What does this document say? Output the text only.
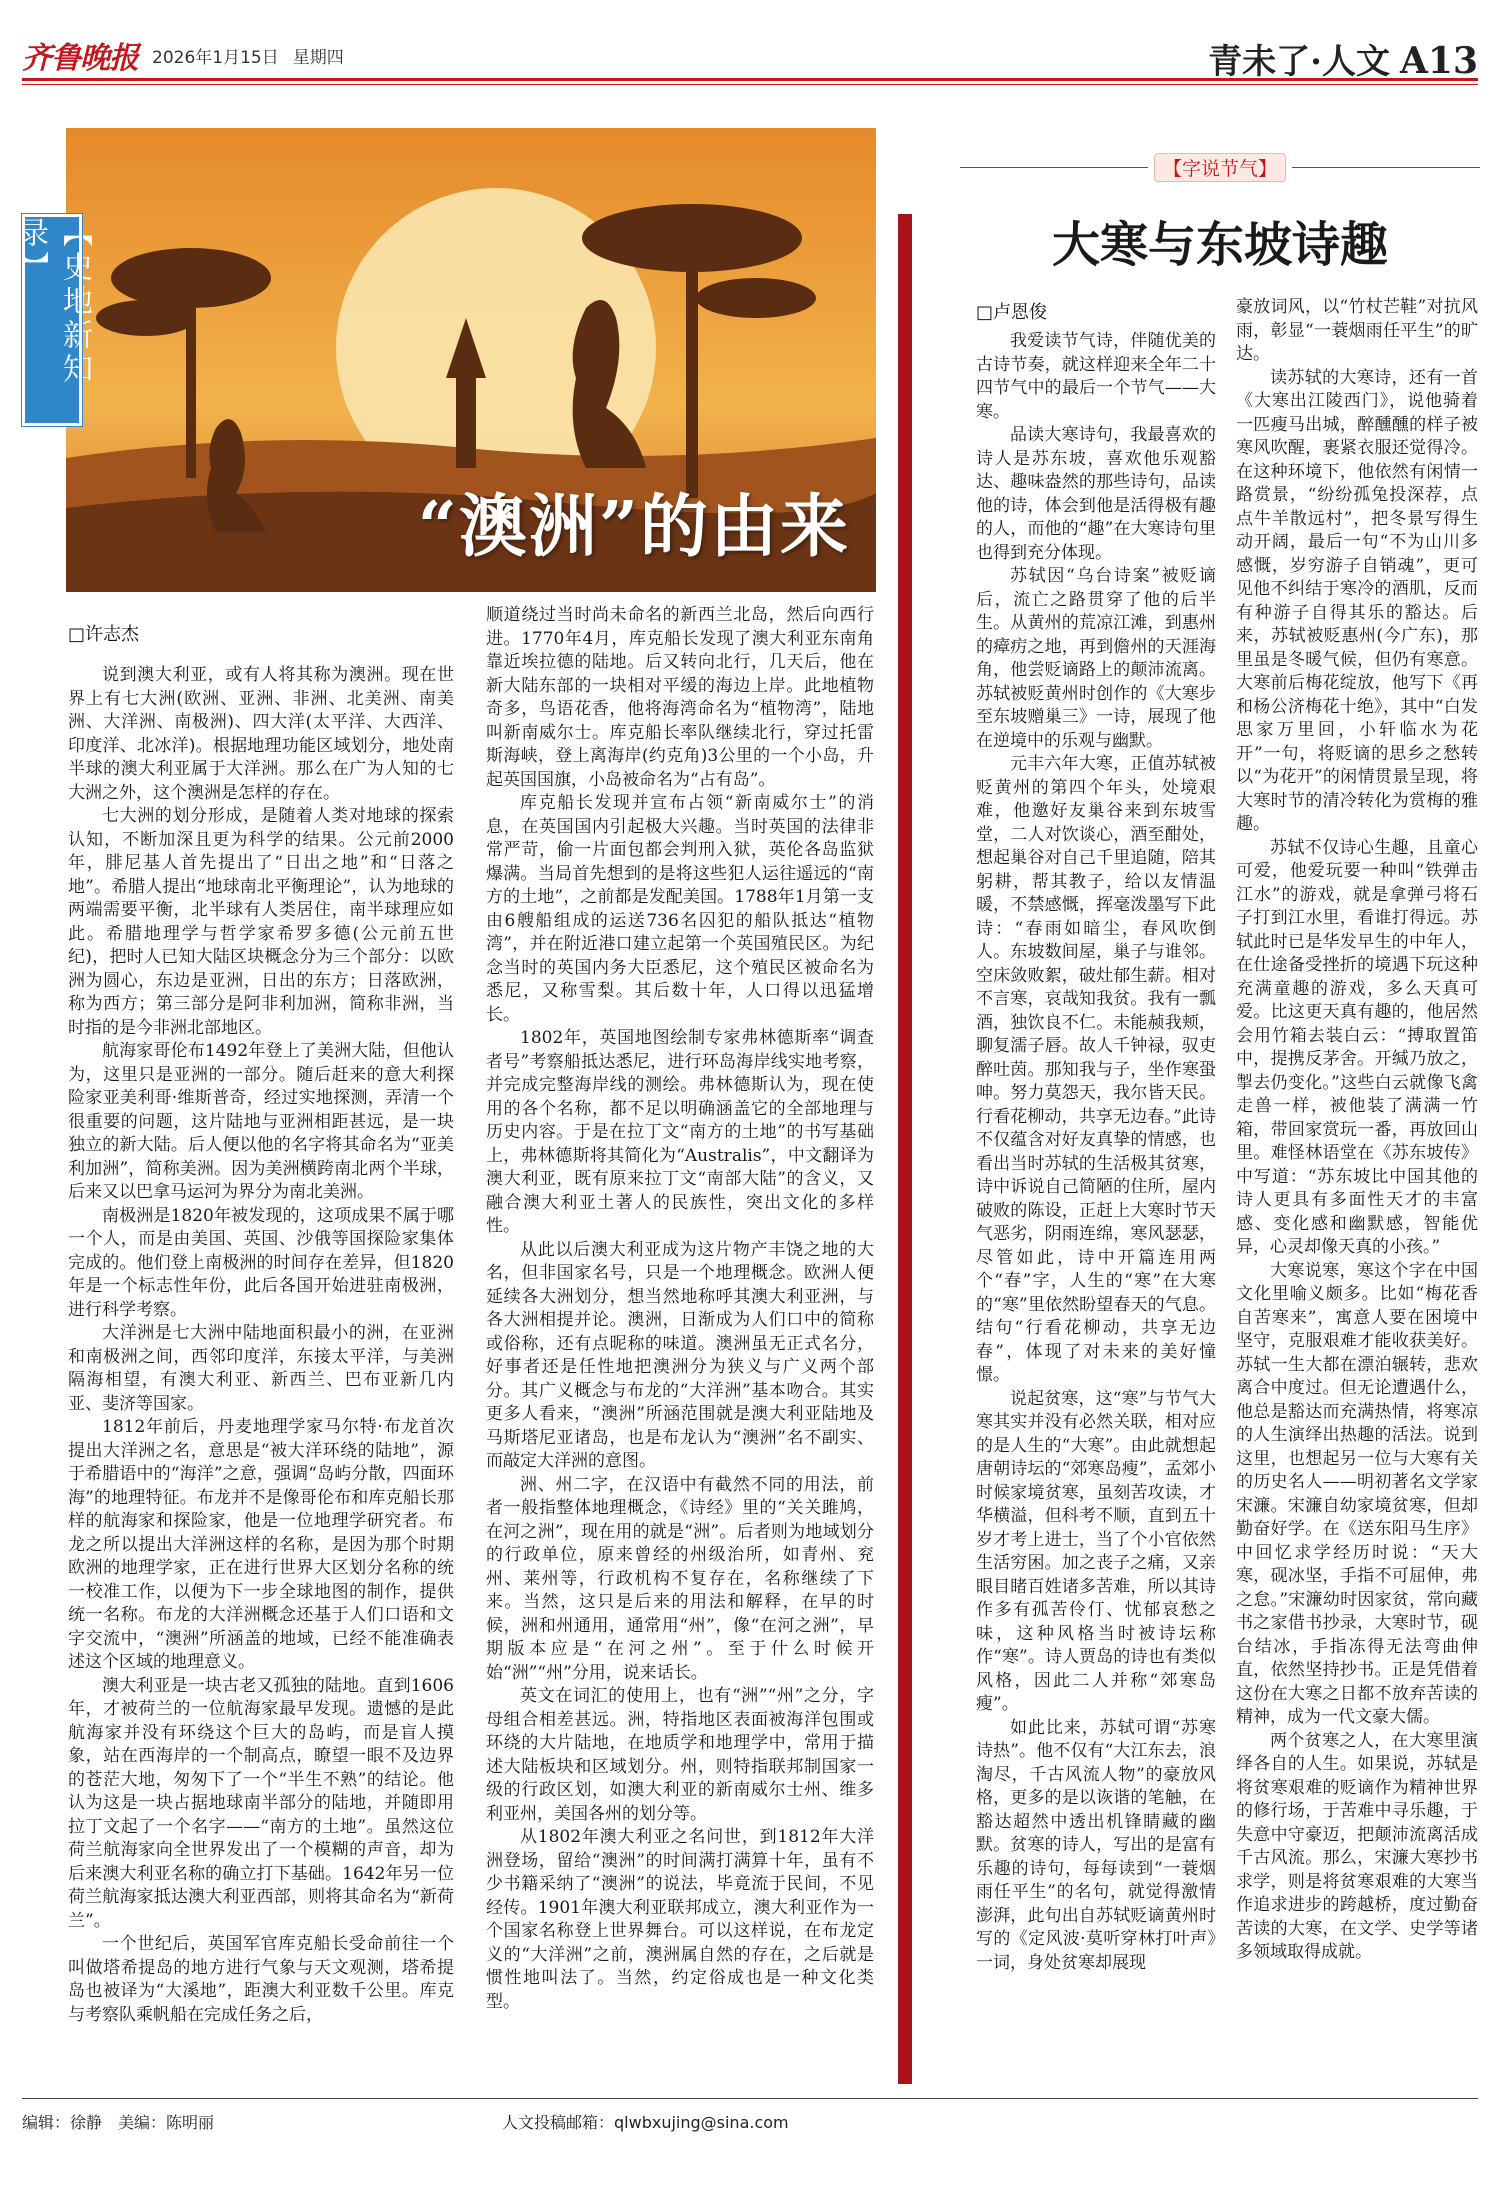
齐鲁晚报 2026年1月15日 星期四	青未了·人文 A13
“澳洲”的由来
【史地新知录】
□许志杰

说到澳大利亚，或有人将其称为澳洲。现在世界上有七大洲(欧洲、亚洲、非洲、北美洲、南美洲、大洋洲、南极洲)、四大洋(太平洋、大西洋、印度洋、北冰洋)。根据地理功能区域划分，地处南半球的澳大利亚属于大洋洲。那么在广为人知的七大洲之外，这个澳洲是怎样的存在。

七大洲的划分形成，是随着人类对地球的探索认知，不断加深且更为科学的结果。公元前2000年，腓尼基人首先提出了“日出之地”和“日落之地”。希腊人提出“地球南北平衡理论”，认为地球的两端需要平衡，北半球有人类居住，南半球理应如此。希腊地理学与哲学家希罗多德(公元前五世纪)，把时人已知大陆区块概念分为三个部分：以欧洲为圆心，东边是亚洲，日出的东方；日落欧洲，称为西方；第三部分是阿非利加洲，简称非洲，当时指的是今非洲北部地区。

航海家哥伦布1492年登上了美洲大陆，但他认为，这里只是亚洲的一部分。随后赶来的意大利探险家亚美利哥·维斯普奇，经过实地探测，弄清一个很重要的问题，这片陆地与亚洲相距甚远，是一块独立的新大陆。后人便以他的名字将其命名为“亚美利加洲”，简称美洲。因为美洲横跨南北两个半球，后来又以巴拿马运河为界分为南北美洲。

南极洲是1820年被发现的，这项成果不属于哪一个人，而是由美国、英国、沙俄等国探险家集体完成的。他们登上南极洲的时间存在差异，但1820年是一个标志性年份，此后各国开始进驻南极洲，进行科学考察。

大洋洲是七大洲中陆地面积最小的洲，在亚洲和南极洲之间，西邻印度洋，东接太平洋，与美洲隔海相望，有澳大利亚、新西兰、巴布亚新几内亚、斐济等国家。

1812年前后，丹麦地理学家马尔特·布龙首次提出大洋洲之名，意思是“被大洋环绕的陆地”，源于希腊语中的“海洋”之意，强调“岛屿分散，四面环海”的地理特征。布龙并不是像哥伦布和库克船长那样的航海家和探险家，他是一位地理学研究者。布龙之所以提出大洋洲这样的名称，是因为那个时期欧洲的地理学家，正在进行世界大区划分名称的统一校准工作，以便为下一步全球地图的制作，提供统一名称。布龙的大洋洲概念还基于人们口语和文字交流中，“澳洲”所涵盖的地域，已经不能准确表述这个区域的地理意义。

澳大利亚是一块古老又孤独的陆地。直到1606年，才被荷兰的一位航海家最早发现。遗憾的是此航海家并没有环绕这个巨大的岛屿，而是盲人摸象，站在西海岸的一个制高点，瞭望一眼不及边界的苍茫大地，匆匆下了一个“半生不熟”的结论。他认为这是一块占据地球南半部分的陆地，并随即用拉丁文起了一个名字——“南方的土地”。虽然这位荷兰航海家向全世界发出了一个模糊的声音，却为后来澳大利亚名称的确立打下基础。1642年另一位荷兰航海家抵达澳大利亚西部，则将其命名为“新荷兰”。

一个世纪后，英国军官库克船长受命前往一个叫做塔希提岛的地方进行气象与天文观测，塔希提岛也被译为“大溪地”，距澳大利亚数千公里。库克与考察队乘帆船在完成任务之后，

顺道绕过当时尚未命名的新西兰北岛，然后向西行进。1770年4月，库克船长发现了澳大利亚东南角靠近埃拉德的陆地。后又转向北行，几天后，他在新大陆东部的一块相对平缓的海边上岸。此地植物奇多，鸟语花香，他将海湾命名为“植物湾”，陆地叫新南威尔士。库克船长率队继续北行，穿过托雷斯海峡，登上离海岸(约克角)3公里的一个小岛，升起英国国旗，小岛被命名为“占有岛”。

库克船长发现并宣布占领“新南威尔士”的消息，在英国国内引起极大兴趣。当时英国的法律非常严苛，偷一片面包都会判刑入狱，英伦各岛监狱爆满。当局首先想到的是将这些犯人运往遥远的“南方的土地”，之前都是发配美国。1788年1月第一支由6艘船组成的运送736名囚犯的船队抵达“植物湾”，并在附近港口建立起第一个英国殖民区。为纪念当时的英国内务大臣悉尼，这个殖民区被命名为悉尼，又称雪梨。其后数十年，人口得以迅猛增长。

1802年，英国地图绘制专家弗林德斯率“调查者号”考察船抵达悉尼，进行环岛海岸线实地考察，并完成完整海岸线的测绘。弗林德斯认为，现在使用的各个名称，都不足以明确涵盖它的全部地理与历史内容。于是在拉丁文“南方的土地”的书写基础上，弗林德斯将其简化为“Australis”，中文翻译为澳大利亚，既有原来拉丁文“南部大陆”的含义，又融合澳大利亚土著人的民族性，突出文化的多样性。

从此以后澳大利亚成为这片物产丰饶之地的大名，但非国家名号，只是一个地理概念。欧洲人便延续各大洲划分，想当然地称呼其澳大利亚洲，与各大洲相提并论。澳洲，日渐成为人们口中的简称或俗称，还有点昵称的味道。澳洲虽无正式名分，好事者还是任性地把澳洲分为狭义与广义两个部分。其广义概念与布龙的“大洋洲”基本吻合。其实更多人看来，“澳洲”所涵范围就是澳大利亚陆地及马斯塔尼亚诸岛，也是布龙认为“澳洲”名不副实、而敲定大洋洲的意图。

洲、州二字，在汉语中有截然不同的用法，前者一般指整体地理概念，《诗经》里的“关关雎鸠，在河之洲”，现在用的就是“洲”。后者则为地域划分的行政单位，原来曾经的州级治所，如青州、兖州、莱州等，行政机构不复存在，名称继续了下来。当然，这只是后来的用法和解释，在早的时候，洲和州通用，通常用“州”，像“在河之洲”，早期版本应是“在河之州”。至于什么时候开始“洲”“州”分用，说来话长。

英文在词汇的使用上，也有“洲”“州”之分，字母组合相差甚远。洲，特指地区表面被海洋包围或环绕的大片陆地，在地质学和地理学中，常用于描述大陆板块和区域划分。州，则特指联邦制国家一级的行政区划，如澳大利亚的新南威尔士州、维多利亚州，美国各州的划分等。

从1802年澳大利亚之名问世，到1812年大洋洲登场，留给“澳洲”的时间满打满算十年，虽有不少书籍采纳了“澳洲”的说法，毕竟流于民间，不见经传。1901年澳大利亚联邦成立，澳大利亚作为一个国家名称登上世界舞台。可以这样说，在布龙定义的“大洋洲”之前，澳洲属自然的存在，之后就是惯性地叫法了。当然，约定俗成也是一种文化类型。

【字说节气】
大寒与东坡诗趣
□卢恩俊

我爱读节气诗，伴随优美的古诗节奏，就这样迎来全年二十四节气中的最后一个节气——大寒。

品读大寒诗句，我最喜欢的诗人是苏东坡，喜欢他乐观豁达、趣味盎然的那些诗句，品读他的诗，体会到他是活得极有趣的人，而他的“趣”在大寒诗句里也得到充分体现。

苏轼因“乌台诗案”被贬谪后，流亡之路贯穿了他的后半生。从黄州的荒凉江滩，到惠州的瘴疠之地，再到儋州的天涯海角，他尝贬谪路上的颠沛流离。苏轼被贬黄州时创作的《大寒步至东坡赠巢三》一诗，展现了他在逆境中的乐观与幽默。

元丰六年大寒，正值苏轼被贬黄州的第四个年头，处境艰难，他邀好友巢谷来到东坡雪堂，二人对饮谈心，酒至酣处，想起巢谷对自己千里追随，陪其躬耕，帮其教子，给以友情温暖，不禁感慨，挥毫泼墨写下此诗：“春雨如暗尘，春风吹倒人。东坡数间屋，巢子与谁邻。空床敛败絮，破灶郁生薪。相对不言寒，哀哉知我贫。我有一瓢酒，独饮良不仁。未能赪我颊，聊复濡子唇。故人千钟禄，驭吏醉吐茵。那知我与子，坐作寒蛩呻。努力莫怨天，我尔皆天民。行看花柳动，共享无边春。”此诗不仅蕴含对好友真挚的情感，也看出当时苏轼的生活极其贫寒，诗中诉说自己简陋的住所，屋内破败的陈设，正赶上大寒时节天气恶劣，阴雨连绵，寒风瑟瑟，尽管如此，诗中开篇连用两个“春”字，人生的“寒”在大寒的“寒”里依然盼望春天的气息。结句“行看花柳动，共享无边春”，体现了对未来的美好憧憬。

说起贫寒，这“寒”与节气大寒其实并没有必然关联，相对应的是人生的“大寒”。由此就想起唐朝诗坛的“郊寒岛瘦”，孟郊小时候家境贫寒，虽刻苦攻读，才华横溢，但科考不顺，直到五十岁才考上进士，当了个小官依然生活穷困。加之丧子之痛，又亲眼目睹百姓诸多苦难，所以其诗作多有孤苦伶仃、忧郁哀愁之味，这种风格当时被诗坛称作“寒”。诗人贾岛的诗也有类似风格，因此二人并称“郊寒岛瘦”。

如此比来，苏轼可谓“苏寒诗热”。他不仅有“大江东去，浪淘尽，千古风流人物”的豪放风格，更多的是以诙谐的笔触，在豁达超然中透出机锋睛藏的幽默。贫寒的诗人，写出的是富有乐趣的诗句，每每读到“一蓑烟雨任平生”的名句，就觉得激情澎湃，此句出自苏轼贬谪黄州时写的《定风波·莫听穿林打叶声》一词，身处贫寒却展现

豪放词风，以“竹杖芒鞋”对抗风雨，彰显“一蓑烟雨任平生”的旷达。

读苏轼的大寒诗，还有一首《大寒出江陵西门》，说他骑着一匹瘦马出城，醉醺醺的样子被寒风吹醒，裹紧衣服还觉得冷。在这种环境下，他依然有闲情一路赏景，“纷纷孤兔投深荐，点点牛羊散远村”，把冬景写得生动开阔，最后一句“不为山川多感慨，岁穷游子自销魂”，更可见他不纠结于寒冷的酒肌，反而有种游子自得其乐的豁达。后来，苏轼被贬惠州(今广东)，那里虽是冬暖气候，但仍有寒意。大寒前后梅花绽放，他写下《再和杨公济梅花十绝》，其中“白发思家万里回，小轩临水为花开”一句，将贬谪的思乡之愁转以“为花开”的闲情贯景呈现，将大寒时节的清冷转化为赏梅的雅趣。

苏轼不仅诗心生趣，且童心可爱，他爱玩要一种叫“铁弹击江水”的游戏，就是拿弹弓将石子打到江水里，看谁打得远。苏轼此时已是华发早生的中年人，在仕途备受挫折的境遇下玩这种充满童趣的游戏，多么天真可爱。比这更天真有趣的，他居然会用竹箱去装白云：“搏取置笛中，提携反茅舍。开缄乃放之，掣去仍变化。”这些白云就像飞禽走兽一样，被他装了满满一竹箱，带回家赏玩一番，再放回山里。难怪林语堂在《苏东坡传》中写道：“苏东坡比中国其他的诗人更具有多面性天才的丰富感、变化感和幽默感，智能优异，心灵却像天真的小孩。”

大寒说寒，寒这个字在中国文化里喻义颇多。比如“梅花香自苦寒来”，寓意人要在困境中坚守，克服艰难才能收获美好。苏轼一生大都在漂泊辗转，悲欢离合中度过。但无论遭遇什么，他总是豁达而充满热情，将寒凉的人生演绎出热趣的活法。说到这里，也想起另一位与大寒有关的历史名人——明初著名文学家宋濂。宋濂自幼家境贫寒，但却勤奋好学。在《送东阳马生序》中回忆求学经历时说：“天大寒，砚冰坚，手指不可屈伸，弗之怠。”宋濂幼时因家贫，常向藏书之家借书抄录，大寒时节，砚台结冰，手指冻得无法弯曲伸直，依然坚持抄书。正是凭借着这份在大寒之日都不放弃苦读的精神，成为一代文豪大儒。

两个贫寒之人，在大寒里演绎各自的人生。如果说，苏轼是将贫寒艰难的贬谪作为精神世界的修行场，于苦难中寻乐趣，于失意中守豪迈，把颠沛流离活成千古风流。那么，宋濂大寒抄书求学，则是将贫寒艰难的大寒当作追求进步的跨越桥，度过勤奋苦读的大寒，在文学、史学等诸多领域取得成就。

编辑：徐静　美编：陈明丽	人文投稿邮箱：qlwbxujing@sina.com
